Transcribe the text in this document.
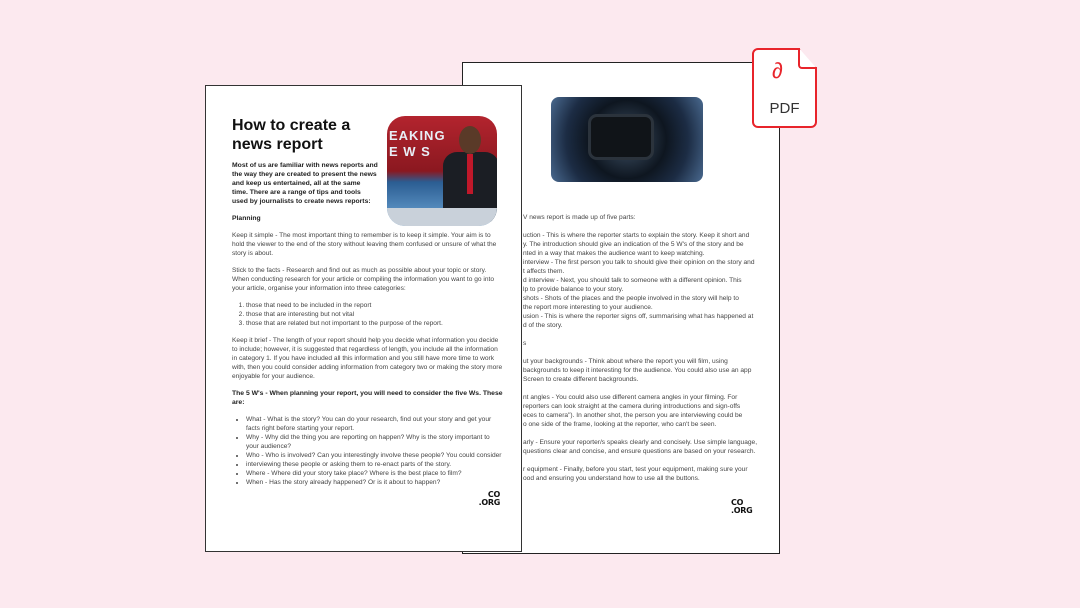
V news report is made up of five parts:

uction - This is where the reporter starts to explain the story. Keep it short and

y. The introduction should give an indication of the 5 W's of the story and be

nted in a way that makes the audience want to keep watching.

interview - The first person you talk to should give their opinion on the story and

t affects them.

d interview - Next, you should talk to someone with a different opinion. This

lp to provide balance to your story.

shots - Shots of the places and the people involved in the story will help to

the report more interesting to your audience.

usion - This is where the reporter signs off, summarising what has happened at

d of the story.

s

ut your backgrounds - Think about where the report you will film, using

backgrounds to keep it interesting for the audience. You could also use an app

Screen to create different backgrounds.

nt angles - You could also use different camera angles in your filming. For

reporters can look straight at the camera during introductions and sign-offs

eces to camera"). In another shot, the person you are interviewing could be

o one side of the frame, looking at the reporter, who can't be seen.

arly - Ensure your reporter/s speaks clearly and concisely. Use simple language,

questions clear and concise, and ensure questions are based on your research.

r equipment - Finally, before you start, test your equipment, making sure your

ood and ensuring you understand how to use all the buttons.

CO
.ORG
How to create a news report
EAKING
E W S
Most of us are familiar with news reports and the way they are created to present the news and keep us entertained, all at the same time. There are a range of tips and tools used by journalists to create news reports:
Planning

Keep it simple - The most important thing to remember is to keep it simple. Your aim is to hold the viewer to the end of the story without leaving them confused or unsure of what the story is about.

Stick to the facts - Research and find out as much as possible about your topic or story. When conducting research for your article or compiling the information you want to go into your article, organise your information into three categories:

1. those that need to be included in the report
2. those that are interesting but not vital
3. those that are related but not important to the purpose of the report.

Keep it brief - The length of your report should help you decide what information you decide to include; however, it is suggested that regardless of length, you include all the information in category 1. If you have included all this information and you still have more time to work with, then you could consider adding information from category two or making the story more enjoyable for your audience.

The 5 W's - When planning your report, you will need to consider the five Ws. These are:
• What - What is the story? You can do your research, find out your story and get your facts right before starting your report.
• Why - Why did the thing you are reporting on happen? Why is the story important to your audience?
• Who - Who is involved? Can you interestingly involve these people? You could consider
• interviewing these people or asking them to re-enact parts of the story.
• Where - Where did your story take place? Where is the best place to film?
• When - Has the story already happened? Or is it about to happen?
CO
.ORG
∂
PDF
